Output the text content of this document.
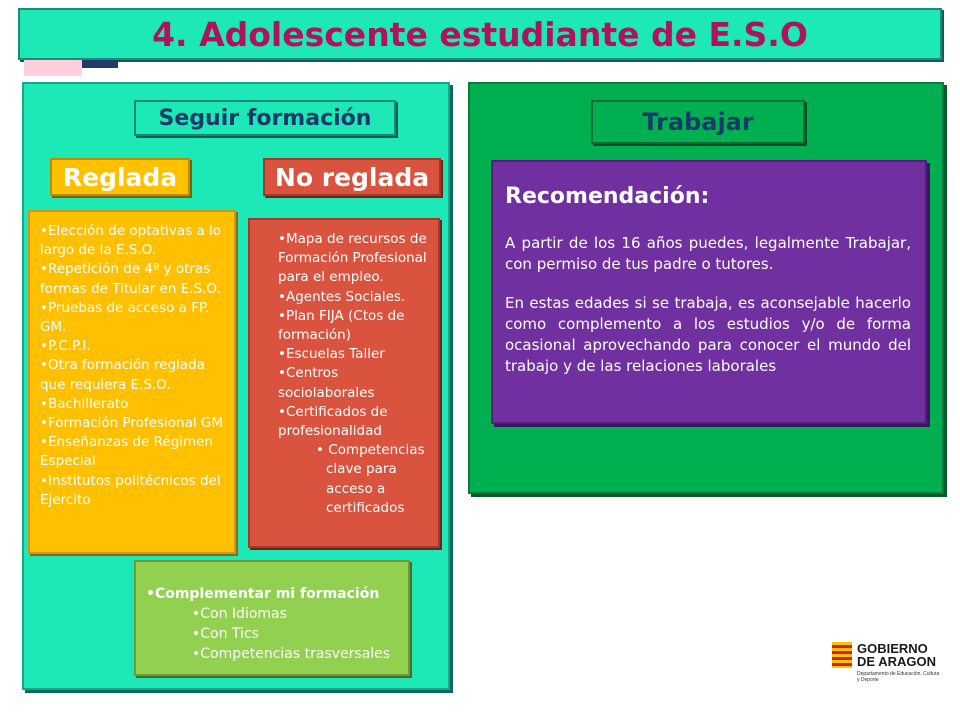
4. Adolescente estudiante de E.S.O
Seguir formación
Reglada	No reglada
• Elección de optativas a lo largo de la E.S.O.
• Repetición de 4ª y otras formas de Titular en E.S.O.
• Pruebas de acceso a FP. GM.
• P.C.P.I.
• Otra formación reglada que requiera E.S.O.
• Bachillerato
• Formación Profesional GM
• Enseñanzas de Régimen Especial
• Institutos politécnicos del Ejercito
• Mapa de recursos de Formación Profesional para el empleo.
• Agentes Sociales.
• Plan FIJA (Ctos de formación)
• Escuelas Taller
• Centros sociolaborales
• Certificados de profesionalidad
• Competencias clave para acceso a certificados
• Complementar mi formación
• Con Idiomas
• Con Tics
• Competencias trasversales
Trabajar
Recomendación:

A partir de los 16 años puedes, legalmente Trabajar, con permiso de tus padre o tutores.

En estas edades si se trabaja, es aconsejable hacerlo como complemento a los estudios y/o de forma ocasional aprovechando para conocer el mundo del trabajo y de las relaciones laborales

GOBIERNO
DE ARAGON
Departamento de Educación, Cultura y Deporte
